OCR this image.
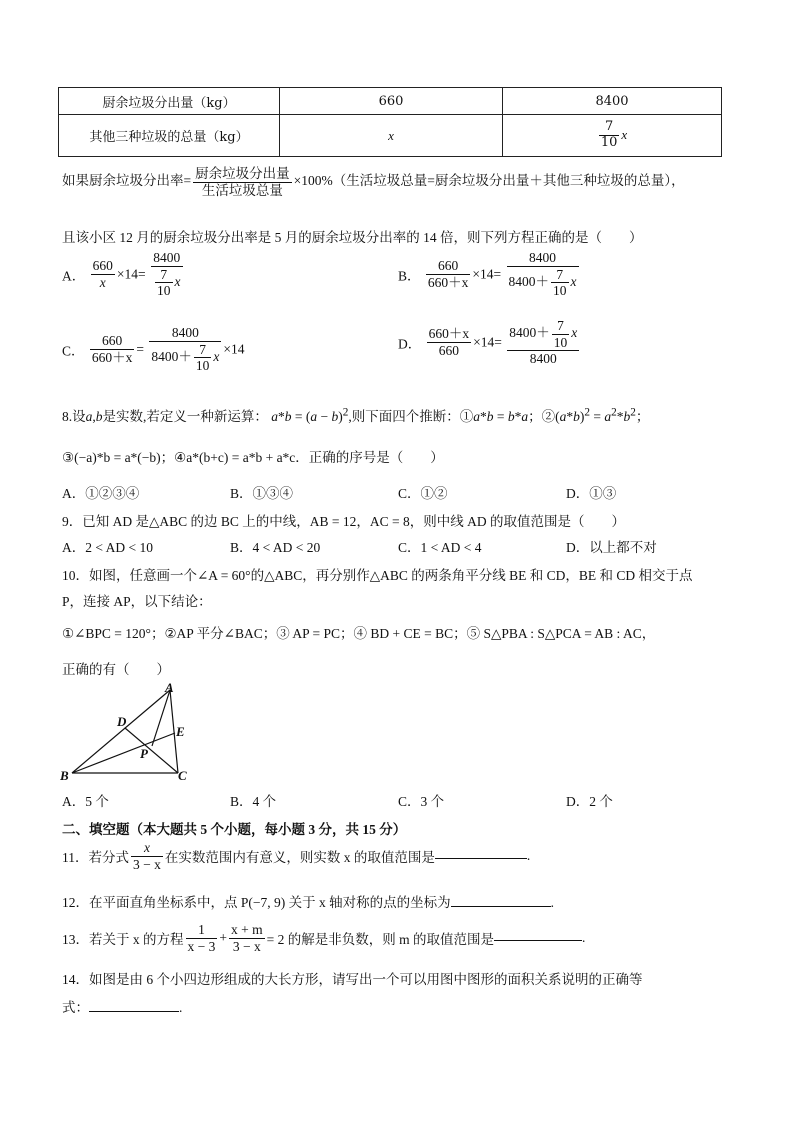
厨余垃圾分出量（kg）	660	8400
其他三种垃圾的总量（kg）	x	$\frac{7}{10}$ x
如果厨余垃圾分出率= $\frac{\text{厨余垃圾分出量}}{\text{生活垃圾总量}} \times 100\%$（生活垃圾总量=厨余垃圾分出量＋其他三种垃圾的总量），
且该小区 12 月的厨余垃圾分出率是 5 月的厨余垃圾分出率的 14 倍，则下列方程正确的是（　　）
A． $\frac{660}{x} \times 14= \frac{8400}{\frac{7}{10} x}$	B． $\frac{660}{660+x} \times 14= \frac{8400}{8400+ \frac{7}{10} x}$
C． $\frac{660}{660+x} = \frac{8400}{8400+ \frac{7}{10} x} \times 14$	D． $\frac{660+x}{660} \times 14= \frac{8400+ \frac{7}{10} x}{8400}$
8.设a,b是实数,若定义一种新运算： $a*b = (a - b)^2$,则下面四个推断：①a*b = b*a；$②(a*b)^2 = a^2*b^2$；
③(−a)*b = a*(−b)；④a*(b+c) = a*b + a*c．正确的序号是（　　）
A．①②③④	B．①③④	C．①②	D．①③
9．已知 AD 是△ABC 的边 BC 上的中线，AB = 12，AC = 8，则中线 AD 的取值范围是（　　）
A．2 < AD < 10	B．4 < AD < 20	C．1 < AD < 4	D．以上都不对
10．如图，任意画一个∠A = 60°的△ABC，再分别作△ABC 的两条角平分线 BE 和 CD，BE 和 CD 相交于点
P，连接 AP，以下结论：
①∠BPC = 120°；②AP 平分∠BAC；③ AP = PC；④ BD + CE = BC；⑤ S△PBA : S△PCA = AB : AC，
正确的有（　　）
A
B	C
D
E
P
A．5 个	B．4 个	C．3 个	D．2 个
二、填空题（本大题共 5 个小题，每小题 3 分，共 15 分）
11．若分式 $\frac{x}{3 - x}$ 在实数范围内有意义，则实数 x 的取值范围是	.
12．在平面直角坐标系中，点 P(−7, 9) 关于 x 轴对称的点的坐标为	.
13．若关于 x 的方程 $\frac{1}{x - 3} + \frac{x + m}{3 - x} = 2$ 的解是非负数，则 m 的取值范围是	.
14．如图是由 6 个小四边形组成的大长方形，请写出一个可以用图中图形的面积关系说明的正确等
式：	.
